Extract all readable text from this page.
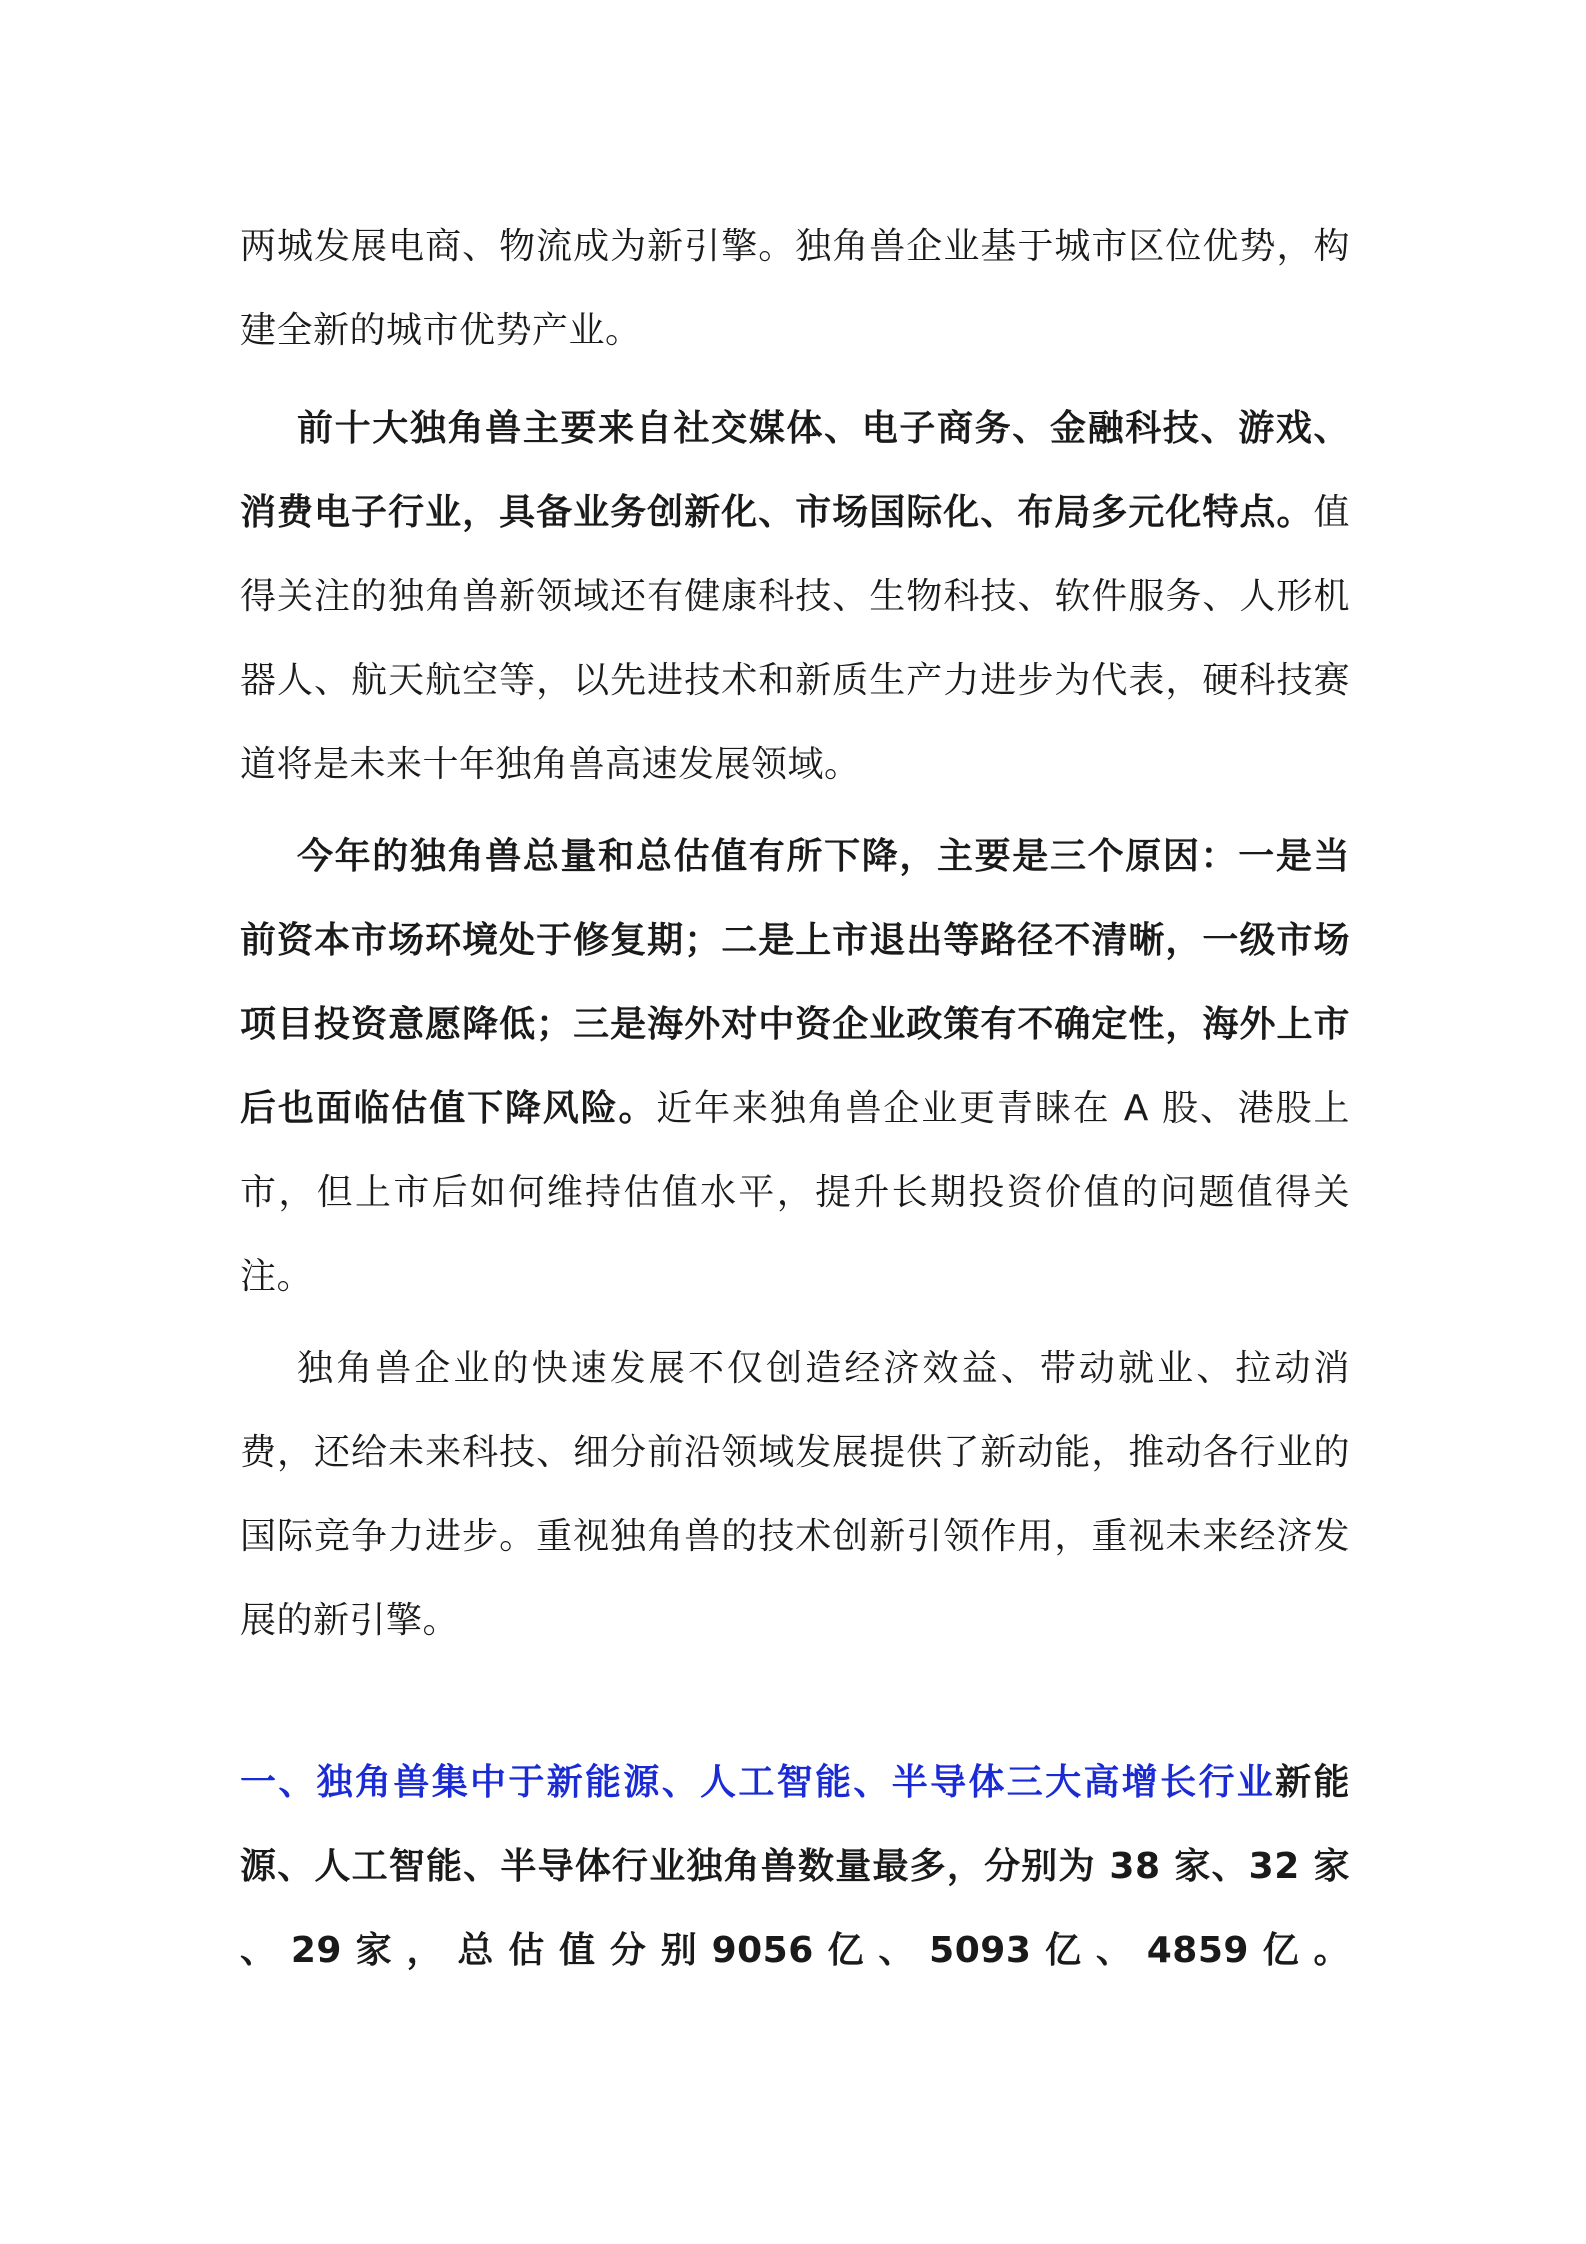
两城发展电商、物流成为新引擎。独角兽企业基于城市区位优势，构建全新的城市优势产业。

前十大独角兽主要来自社交媒体、电子商务、金融科技、游戏、消费电子行业，具备业务创新化、市场国际化、布局多元化特点。值得关注的独角兽新领域还有健康科技、生物科技、软件服务、人形机器人、航天航空等，以先进技术和新质生产力进步为代表，硬科技赛道将是未来十年独角兽高速发展领域。

今年的独角兽总量和总估值有所下降，主要是三个原因：一是当前资本市场环境处于修复期；二是上市退出等路径不清晰，一级市场项目投资意愿降低；三是海外对中资企业政策有不确定性，海外上市后也面临估值下降风险。近年来独角兽企业更青睐在 A 股、港股上市，但上市后如何维持估值水平，提升长期投资价值的问题值得关注。

独角兽企业的快速发展不仅创造经济效益、带动就业、拉动消费，还给未来科技、细分前沿领域发展提供了新动能，推动各行业的国际竞争力进步。重视独角兽的技术创新引领作用，重视未来经济发展的新引擎。

一、独角兽集中于新能源、人工智能、半导体三大高增长行业新能源、人工智能、半导体行业独角兽数量最多，分别为 38 家、32 家 、 29 家 ， 总 估 值 分 别 9056 亿 、 5093 亿 、 4859 亿 。
